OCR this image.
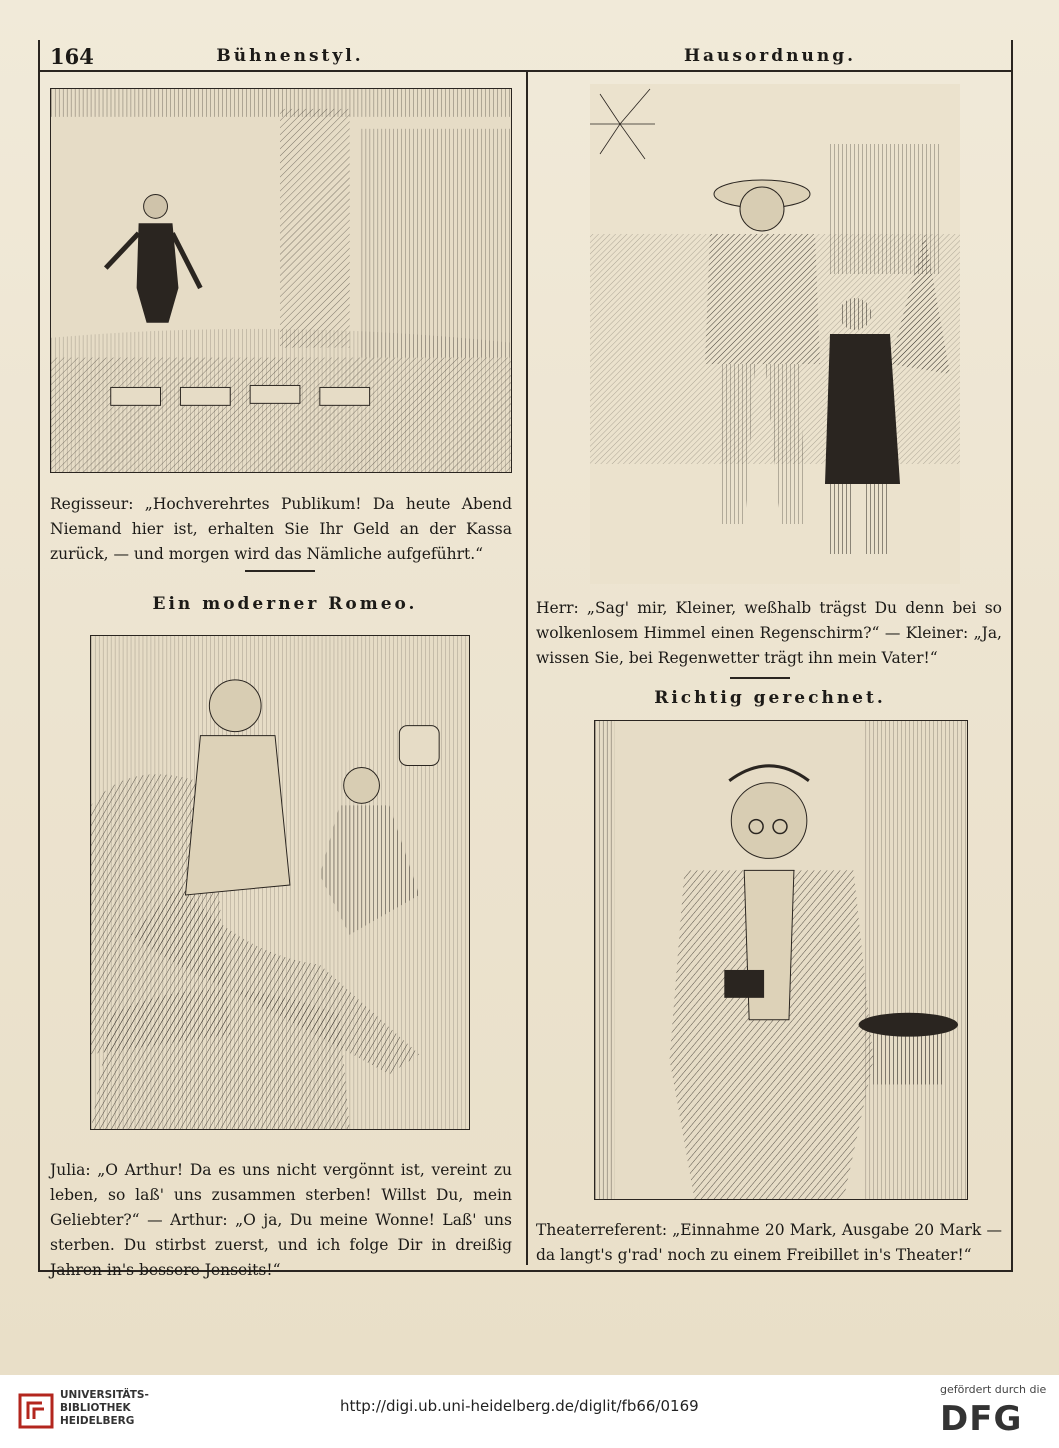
164	Bühnenstyl.
Regisseur: „Hochverehrtes Publikum! Da heute Abend Niemand hier ist, erhalten Sie Ihr Geld an der Kassa zurück, — und morgen wird das Nämliche aufgeführt.“
Ein moderner Romeo.
Julia: „O Arthur! Da es uns nicht vergönnt ist, vereint zu leben, so laß' uns zusammen sterben! Willst Du, mein Geliebter?“ — Arthur: „O ja, Du meine Wonne! Laß' uns sterben. Du stirbst zuerst, und ich folge Dir in dreißig Jahren in's bessere Jenseits!“
Hausordnung.
Herr: „Sag' mir, Kleiner, weßhalb trägst Du denn bei so wolkenlosem Himmel einen Regenschirm?“ — Kleiner: „Ja, wissen Sie, bei Regenwetter trägt ihn mein Vater!“
Richtig gerechnet.
Theaterreferent: „Einnahme 20 Mark, Ausgabe 20 Mark — da langt's g'rad' noch zu einem Freibillet in's Theater!“
UNIVERSITÄTS-
BIBLIOTHEK
HEIDELBERG
http://digi.ub.uni-heidelberg.de/diglit/fb66/0169
gefördert durch die
DFG
